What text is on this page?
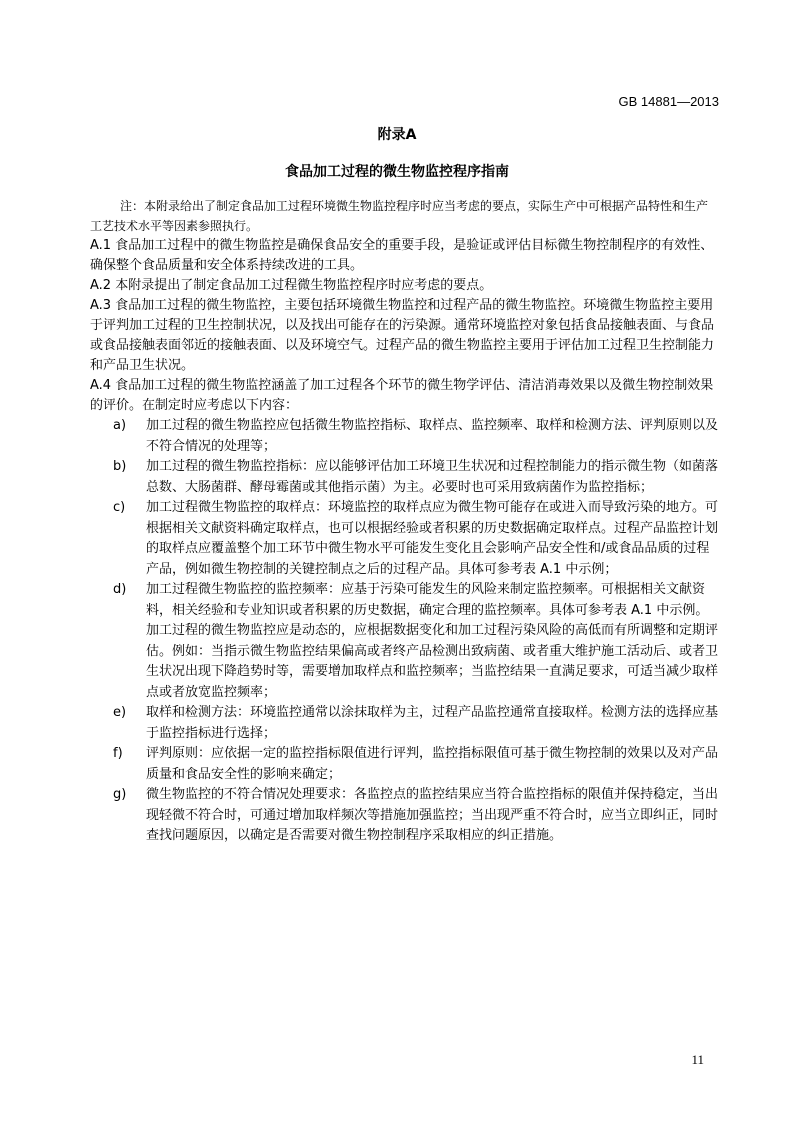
GB 14881—2013
附录A
食品加工过程的微生物监控程序指南

注：本附录给出了制定食品加工过程环境微生物监控程序时应当考虑的要点，实际生产中可根据产品特性和生产工艺技术水平等因素参照执行。

A.1 食品加工过程中的微生物监控是确保食品安全的重要手段，是验证或评估目标微生物控制程序的有效性、确保整个食品质量和安全体系持续改进的工具。

A.2 本附录提出了制定食品加工过程微生物监控程序时应考虑的要点。

A.3 食品加工过程的微生物监控，主要包括环境微生物监控和过程产品的微生物监控。环境微生物监控主要用于评判加工过程的卫生控制状况，以及找出可能存在的污染源。通常环境监控对象包括食品接触表面、与食品或食品接触表面邻近的接触表面、以及环境空气。过程产品的微生物监控主要用于评估加工过程卫生控制能力和产品卫生状况。

A.4 食品加工过程的微生物监控涵盖了加工过程各个环节的微生物学评估、清洁消毒效果以及微生物控制效果的评价。在制定时应考虑以下内容：

a) 加工过程的微生物监控应包括微生物监控指标、取样点、监控频率、取样和检测方法、评判原则以及不符合情况的处理等；
b) 加工过程的微生物监控指标：应以能够评估加工环境卫生状况和过程控制能力的指示微生物（如菌落总数、大肠菌群、酵母霉菌或其他指示菌）为主。必要时也可采用致病菌作为监控指标；
c) 加工过程微生物监控的取样点：环境监控的取样点应为微生物可能存在或进入而导致污染的地方。可根据相关文献资料确定取样点，也可以根据经验或者积累的历史数据确定取样点。过程产品监控计划的取样点应覆盖整个加工环节中微生物水平可能发生变化且会影响产品安全性和/或食品品质的过程产品，例如微生物控制的关键控制点之后的过程产品。具体可参考表 A.1 中示例；
d) 加工过程微生物监控的监控频率：应基于污染可能发生的风险来制定监控频率。可根据相关文献资料，相关经验和专业知识或者积累的历史数据，确定合理的监控频率。具体可参考表 A.1 中示例。加工过程的微生物监控应是动态的，应根据数据变化和加工过程污染风险的高低而有所调整和定期评估。例如：当指示微生物监控结果偏高或者终产品检测出致病菌、或者重大维护施工活动后、或者卫生状况出现下降趋势时等，需要增加取样点和监控频率；当监控结果一直满足要求，可适当减少取样点或者放宽监控频率；
e) 取样和检测方法：环境监控通常以涂抹取样为主，过程产品监控通常直接取样。检测方法的选择应基于监控指标进行选择；
f) 评判原则：应依据一定的监控指标限值进行评判，监控指标限值可基于微生物控制的效果以及对产品质量和食品安全性的影响来确定；
g) 微生物监控的不符合情况处理要求：各监控点的监控结果应当符合监控指标的限值并保持稳定，当出现轻微不符合时，可通过增加取样频次等措施加强监控；当出现严重不符合时，应当立即纠正，同时查找问题原因，以确定是否需要对微生物控制程序采取相应的纠正措施。
11
